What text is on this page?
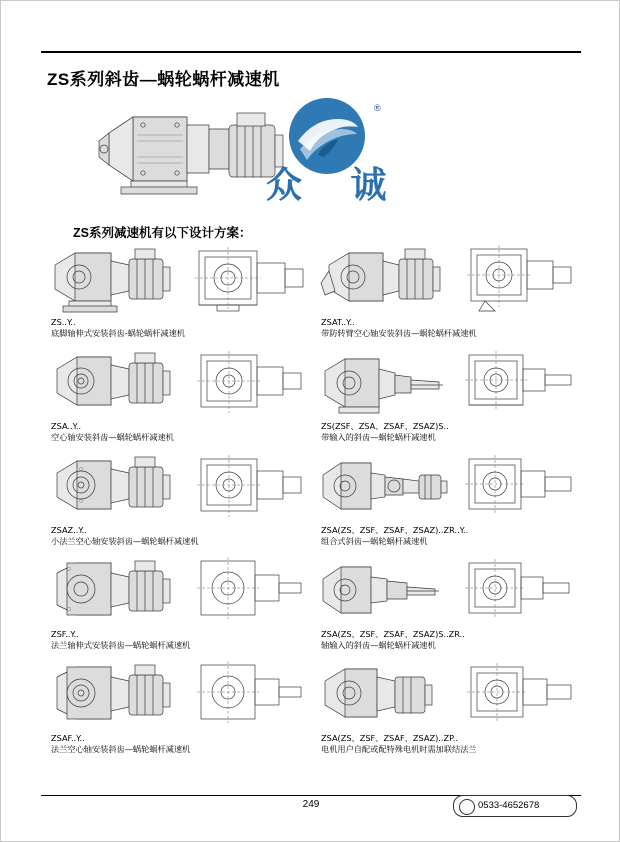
ZS系列斜齿—蜗轮蜗杆减速机
®
众 诚
ZS系列减速机有以下设计方案：
ZS..Y..
底脚轴伸式安装斜齿-蜗轮蜗杆减速机
ZSAT..Y..
带防转臂空心轴安装斜齿—蜗轮蜗杆减速机
ZSA..Y..
空心轴安装斜齿—蜗轮蜗杆减速机
ZS(ZSF、ZSA、ZSAF、ZSAZ)S..
带输入的斜齿—蜗轮蜗杆减速机
ZSAZ..Y..
小法兰空心轴安装斜齿—蜗轮蜗杆减速机
ZSA(ZS、ZSF、ZSAF、ZSAZ)..ZR..Y..
组合式斜齿—蜗轮蜗杆减速机
ZSF..Y..
法兰轴伸式安装斜齿—蜗轮蜗杆减速机
ZSA(ZS、ZSF、ZSAF、ZSAZ)S..ZR..
轴输入的斜齿—蜗轮蜗杆减速机
ZSAF..Y..
法兰空心轴安装斜齿—蜗轮蜗杆减速机
ZSA(ZS、ZSF、ZSAF、ZSAZ)..ZP..
电机用户自配或配特殊电机时需加联结法兰
249	0533-4652678
